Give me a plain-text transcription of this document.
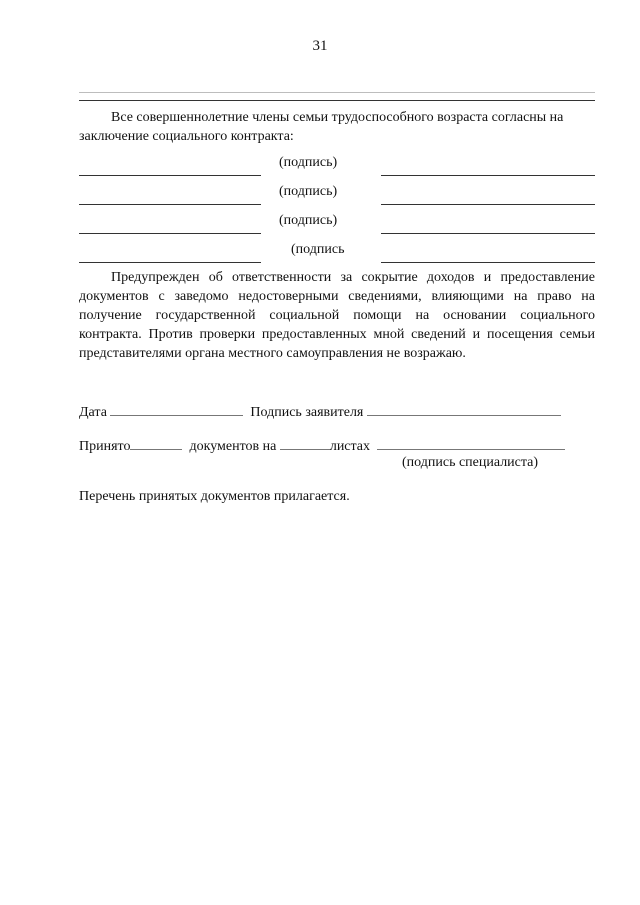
31
Все совершеннолетние члены семьи трудоспособного возраста согласны на заключение социального контракта:
(подпись)
(подпись)
(подпись)
(подпись
Предупрежден об ответственности за сокрытие доходов и предоставление документов с заведомо недостоверными сведениями, влияющими на право на получение государственной социальной помощи на основании социального контракта. Против проверки предоставленных мной сведений и посещения семьи представителями органа местного самоуправления не возражаю.
Дата	Подпись заявителя
Принято	документов на	листах
(подпись специалиста)
Перечень принятых документов прилагается.
